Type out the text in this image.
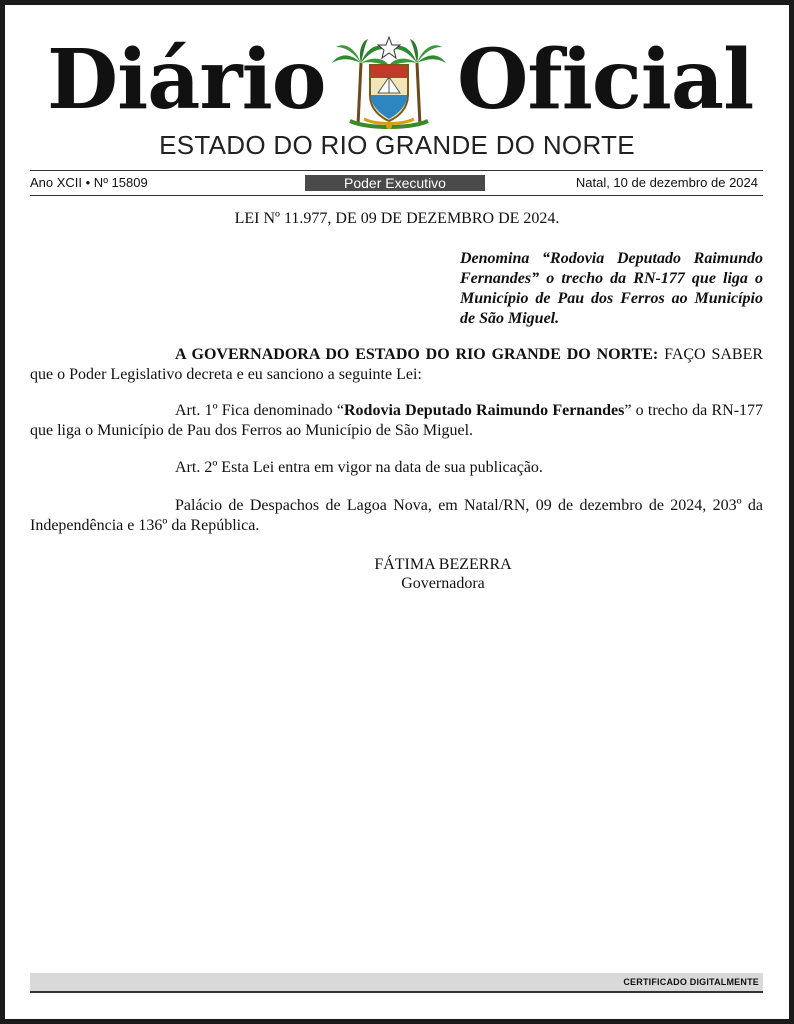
Diário Oficial
ESTADO DO RIO GRANDE DO NORTE
Ano XCII • Nº 15809	Poder Executivo	Natal, 10 de dezembro de 2024
LEI Nº 11.977, DE 09 DE DEZEMBRO DE 2024.
Denomina “Rodovia Deputado Raimundo Fernandes” o trecho da RN-177 que liga o Município de Pau dos Ferros ao Município de São Miguel.

A GOVERNADORA DO ESTADO DO RIO GRANDE DO NORTE: FAÇO SABER que o Poder Legislativo decreta e eu sanciono a seguinte Lei:

Art. 1º Fica denominado “Rodovia Deputado Raimundo Fernandes” o trecho da RN-177 que liga o Município de Pau dos Ferros ao Município de São Miguel.

Art. 2º Esta Lei entra em vigor na data de sua publicação.

Palácio de Despachos de Lagoa Nova, em Natal/RN, 09 de dezembro de 2024, 203º da Independência e 136º da República.

FÁTIMA BEZERRA
Governadora
CERTIFICADO DIGITALMENTE
